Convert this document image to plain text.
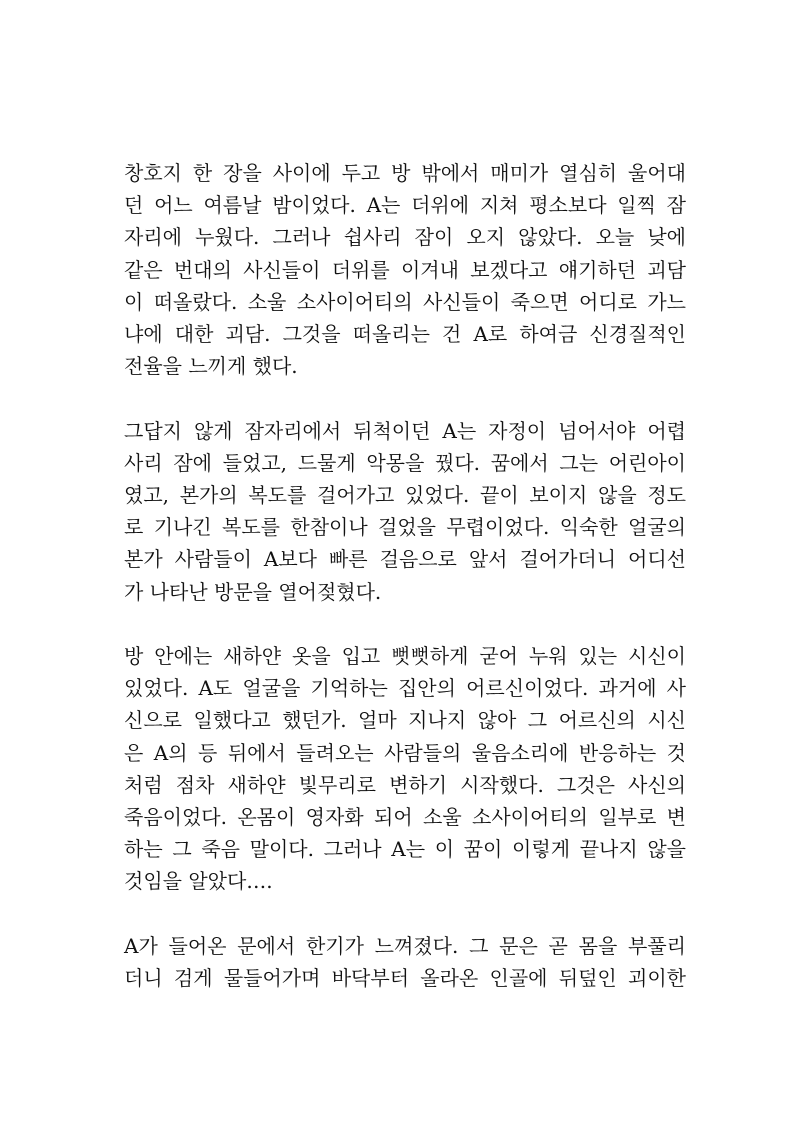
창호지 한 장을 사이에 두고 방 밖에서 매미가 열심히 울어대
던 어느 여름날 밤이었다. A는 더위에 지쳐 평소보다 일찍 잠
자리에 누웠다. 그러나 쉽사리 잠이 오지 않았다. 오늘 낮에
같은 번대의 사신들이 더위를 이겨내 보겠다고 얘기하던 괴담
이 떠올랐다. 소울 소사이어티의 사신들이 죽으면 어디로 가느
냐에 대한 괴담. 그것을 떠올리는 건 A로 하여금 신경질적인
전율을 느끼게 했다.

그답지 않게 잠자리에서 뒤척이던 A는 자정이 넘어서야 어렵
사리 잠에 들었고, 드물게 악몽을 꿨다. 꿈에서 그는 어린아이
였고, 본가의 복도를 걸어가고 있었다. 끝이 보이지 않을 정도
로 기나긴 복도를 한참이나 걸었을 무렵이었다. 익숙한 얼굴의
본가 사람들이 A보다 빠른 걸음으로 앞서 걸어가더니 어디선
가 나타난 방문을 열어젖혔다.

방 안에는 새하얀 옷을 입고 뻣뻣하게 굳어 누워 있는 시신이
있었다. A도 얼굴을 기억하는 집안의 어르신이었다. 과거에 사
신으로 일했다고 했던가. 얼마 지나지 않아 그 어르신의 시신
은 A의 등 뒤에서 들려오는 사람들의 울음소리에 반응하는 것
처럼 점차 새하얀 빛무리로 변하기 시작했다. 그것은 사신의
죽음이었다. 온몸이 영자화 되어 소울 소사이어티의 일부로 변
하는 그 죽음 말이다. 그러나 A는 이 꿈이 이렇게 끝나지 않을
것임을 알았다….

A가 들어온 문에서 한기가 느껴졌다. 그 문은 곧 몸을 부풀리
더니 검게 물들어가며 바닥부터 올라온 인골에 뒤덮인 괴이한
